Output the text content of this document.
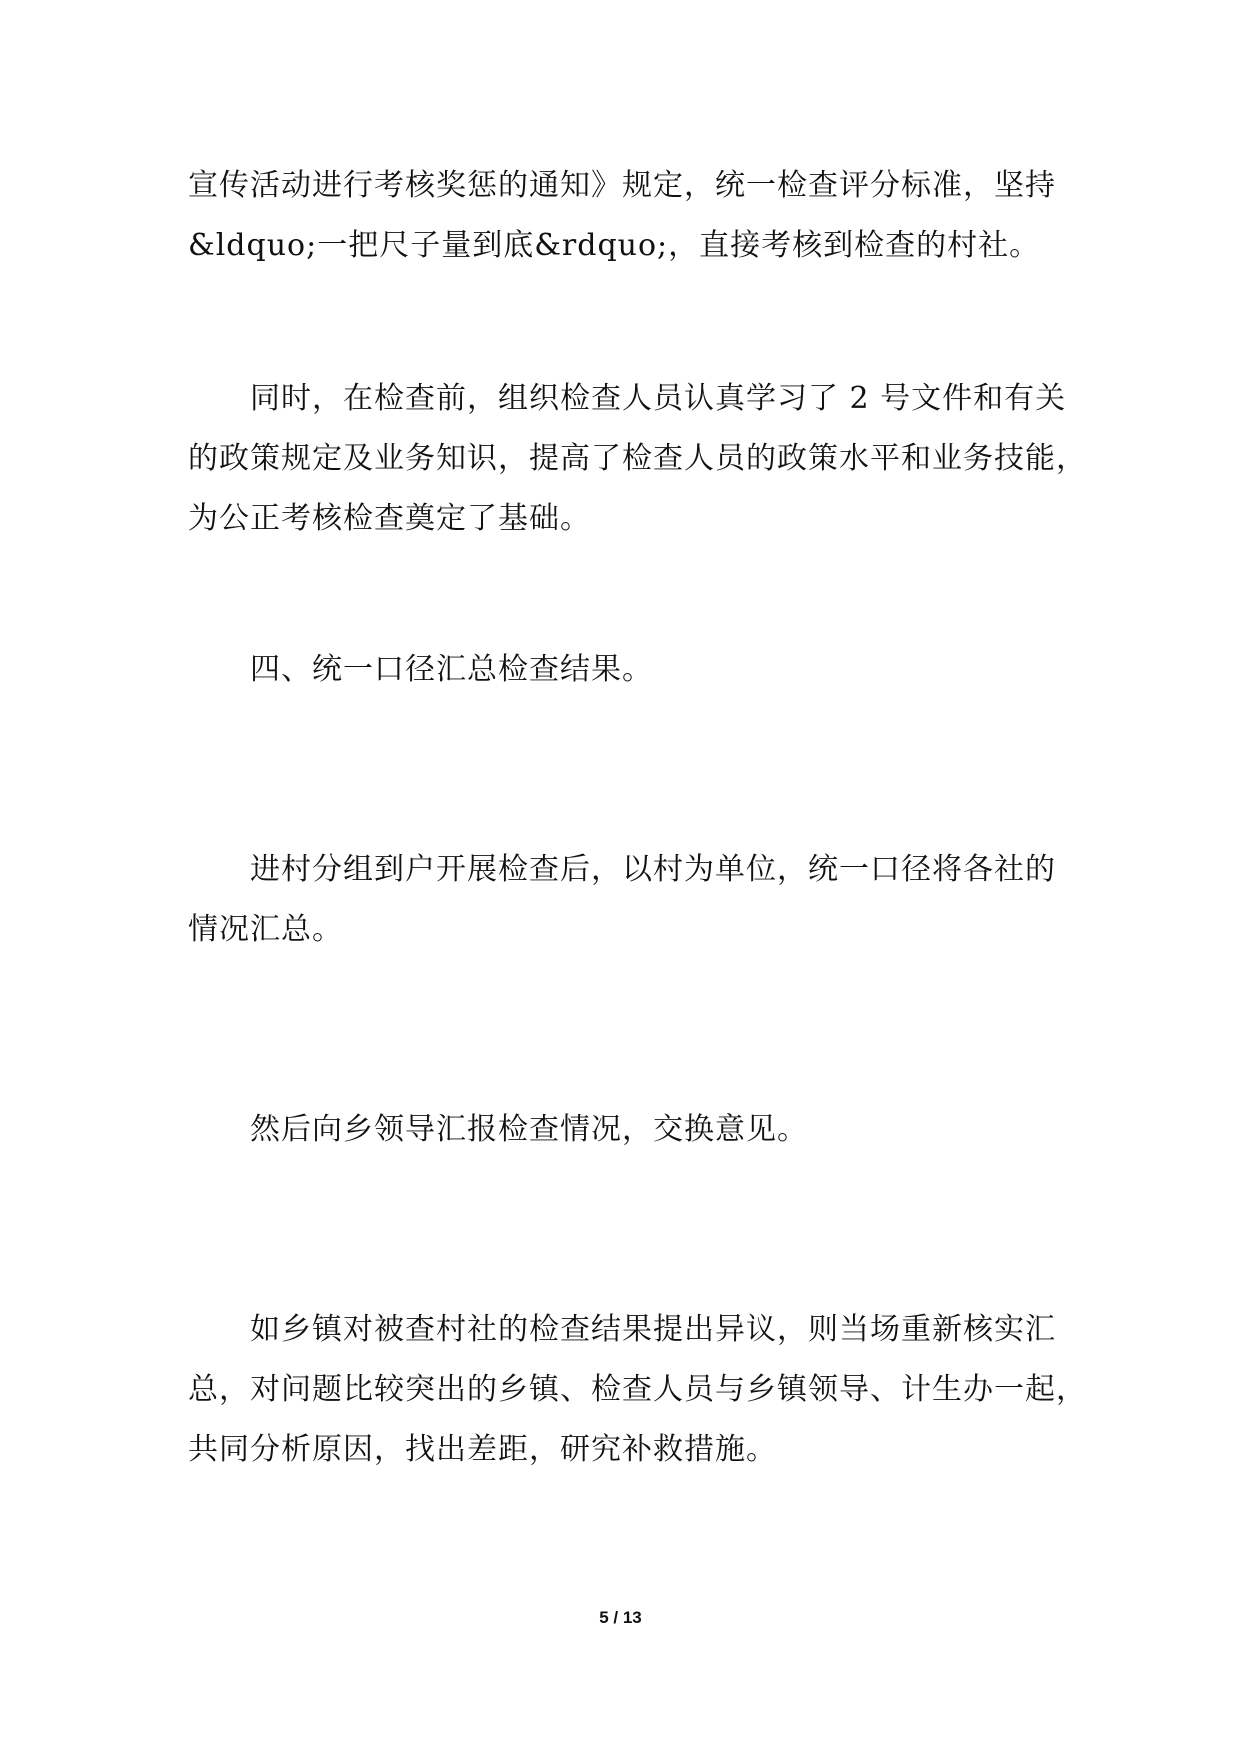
宣传活动进行考核奖惩的通知》规定，统一检查评分标准，坚持
&ldquo;一把尺子量到底&rdquo;，直接考核到检查的村社。

同时，在检查前，组织检查人员认真学习了 2 号文件和有关
的政策规定及业务知识，提高了检查人员的政策水平和业务技能，
为公正考核检查奠定了基础。

四、统一口径汇总检查结果。

进村分组到户开展检查后，以村为单位，统一口径将各社的
情况汇总。

然后向乡领导汇报检查情况，交换意见。

如乡镇对被查村社的检查结果提出异议，则当场重新核实汇
总，对问题比较突出的乡镇、检查人员与乡镇领导、计生办一起，
共同分析原因，找出差距，研究补救措施。

5 / 13
